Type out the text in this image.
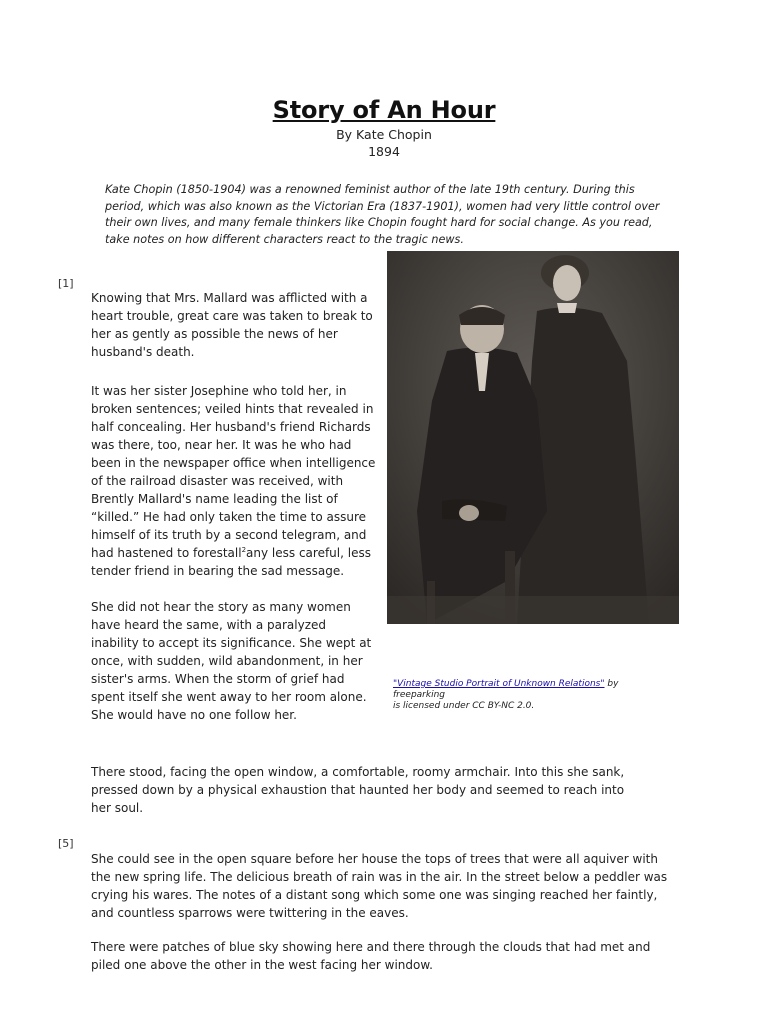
Story of An Hour
By Kate Chopin
1894
Kate Chopin (1850-1904) was a renowned feminist author of the late 19th century. During this period, which was also known as the Victorian Era (1837-1901), women had very little control over their own lives, and many female thinkers like Chopin fought hard for social change. As you read, take notes on how different characters react to the tragic news.
[1]
Knowing that Mrs. Mallard was afflicted with a heart trouble, great care was taken to break to her as gently as possible the news of her husband's death.
It was her sister Josephine who told her, in broken sentences; veiled hints that revealed in half concealing. Her husband's friend Richards was there, too, near her. It was he who had been in the newspaper office when intelligence of the railroad disaster was received, with Brently Mallard's name leading the list of “killed.” He had only taken the time to assure himself of its truth by a second telegram, and had hastened to forestall$^2$any less careful, less tender friend in bearing the sad message.
She did not hear the story as many women have heard the same, with a paralyzed inability to accept its significance. She wept at once, with sudden, wild abandonment, in her sister's arms. When the storm of grief had spent itself she went away to her room alone. She would have no one follow her.
"Vintage Studio Portrait of Unknown Relations" by freeparking
is licensed under CC BY-NC 2.0.
There stood, facing the open window, a comfortable, roomy armchair. Into this she sank, pressed down by a physical exhaustion that haunted her body and seemed to reach into her soul.
[5]
She could see in the open square before her house the tops of trees that were all aquiver with the new spring life. The delicious breath of rain was in the air. In the street below a peddler was crying his wares. The notes of a distant song which some one was singing reached her faintly, and countless sparrows were twittering in the eaves.
There were patches of blue sky showing here and there through the clouds that had met and piled one above the other in the west facing her window.
